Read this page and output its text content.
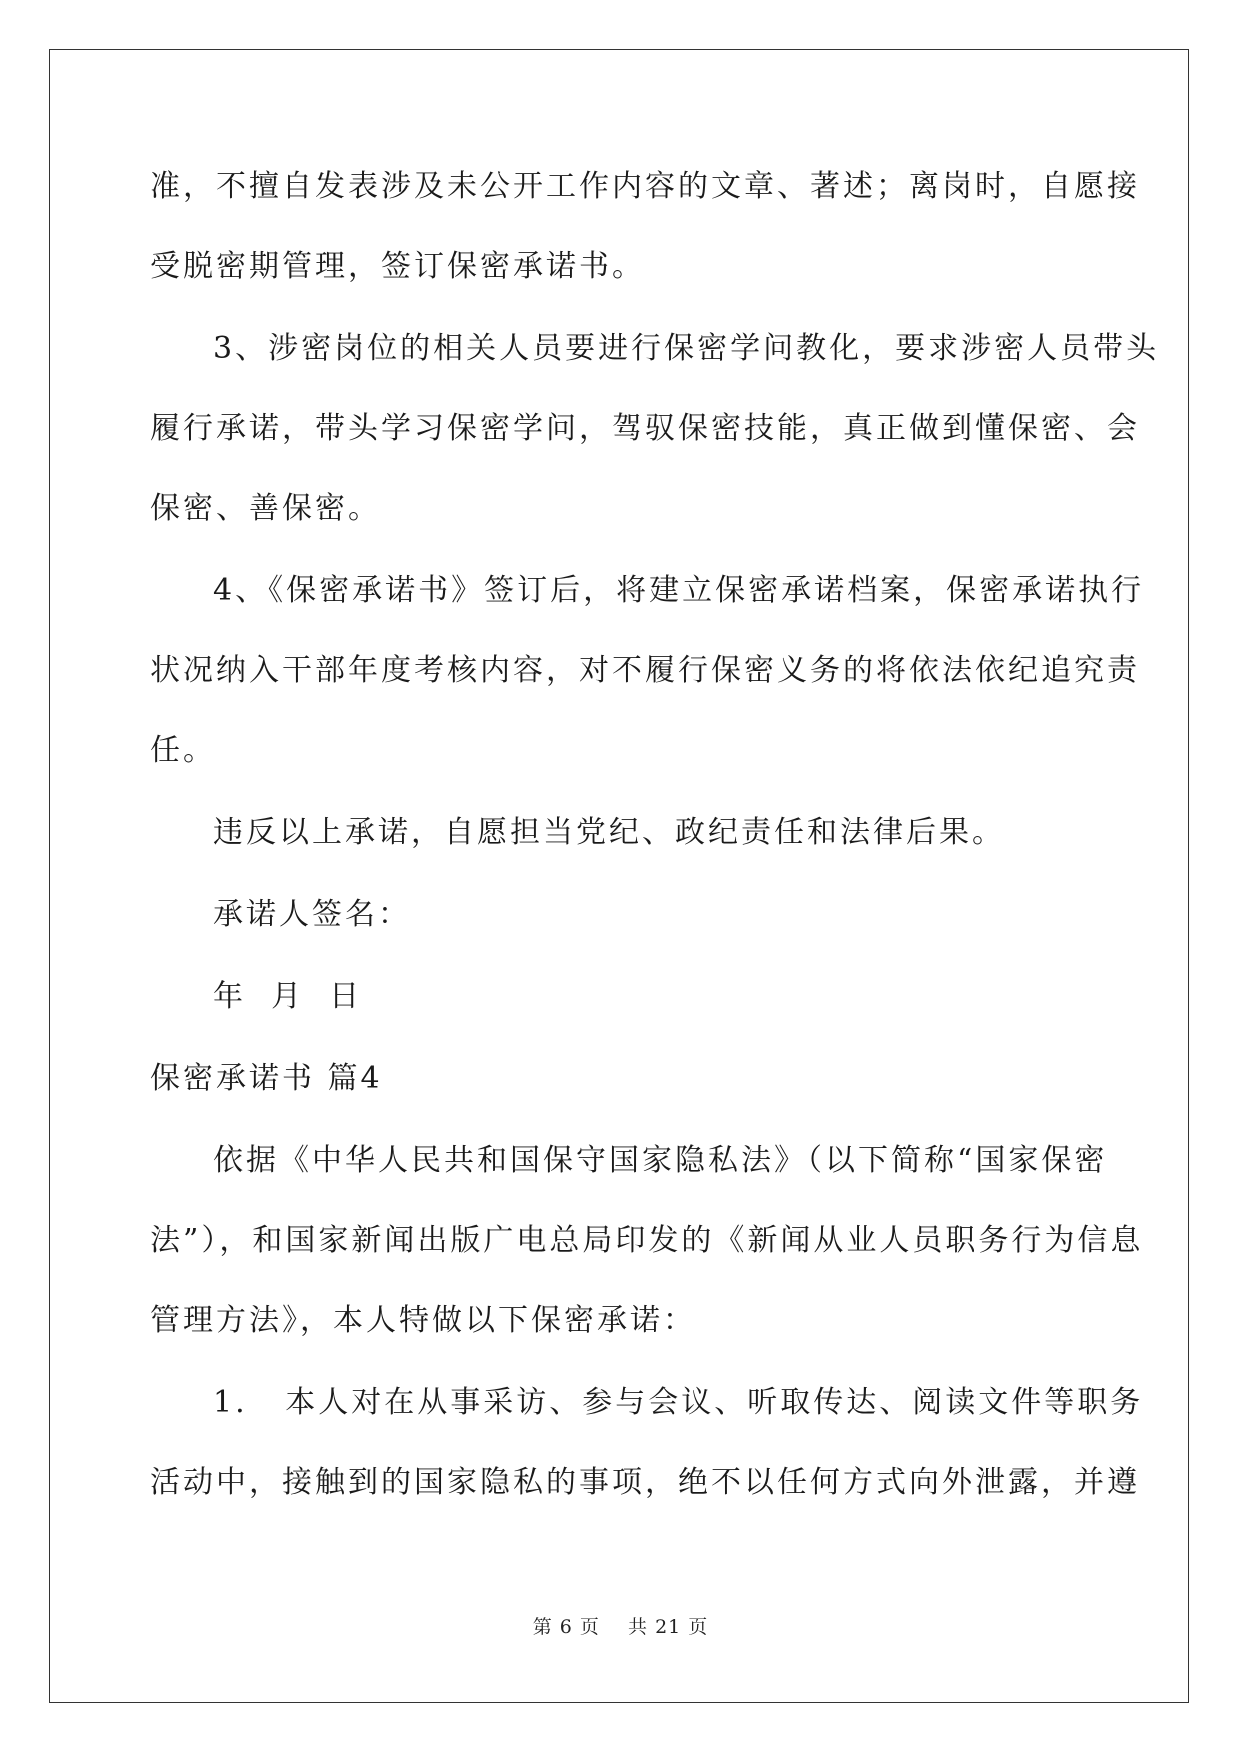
准，不擅自发表涉及未公开工作内容的文章、著述；离岗时，自愿接
受脱密期管理，签订保密承诺书。
3、涉密岗位的相关人员要进行保密学问教化，要求涉密人员带头
履行承诺，带头学习保密学问，驾驭保密技能，真正做到懂保密、会
保密、善保密。
4、《保密承诺书》签订后，将建立保密承诺档案，保密承诺执行
状况纳入干部年度考核内容，对不履行保密义务的将依法依纪追究责
任。
违反以上承诺，自愿担当党纪、政纪责任和法律后果。
承诺人签名：
年  月  日
保密承诺书 篇4
依据《中华人民共和国保守国家隐私法》（以下简称“国家保密
法”），和国家新闻出版广电总局印发的《新闻从业人员职务行为信息
管理方法》，本人特做以下保密承诺：
1.   本人对在从事采访、参与会议、听取传达、阅读文件等职务
活动中，接触到的国家隐私的事项，绝不以任何方式向外泄露，并遵
第 6 页    共 21 页
